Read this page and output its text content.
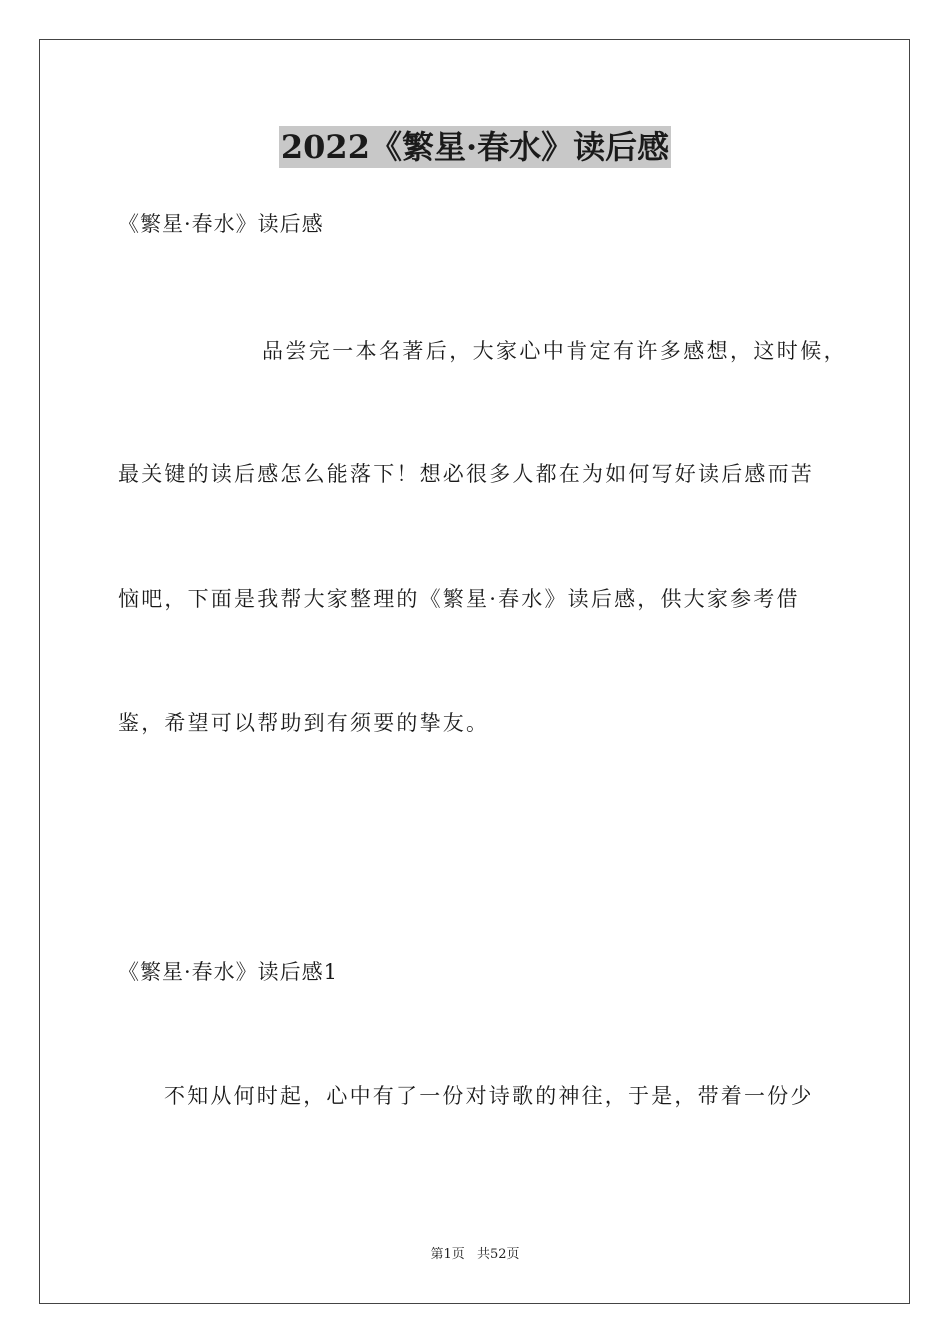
2022《繁星·春水》读后感
《繁星·春水》读后感
品尝完一本名著后，大家心中肯定有许多感想，这时候，
最关键的读后感怎么能落下！想必很多人都在为如何写好读后感而苦
恼吧，下面是我帮大家整理的《繁星·春水》读后感，供大家参考借
鉴，希望可以帮助到有须要的挚友。
《繁星·春水》读后感1
不知从何时起，心中有了一份对诗歌的神往，于是，带着一份少
第1页 共52页
